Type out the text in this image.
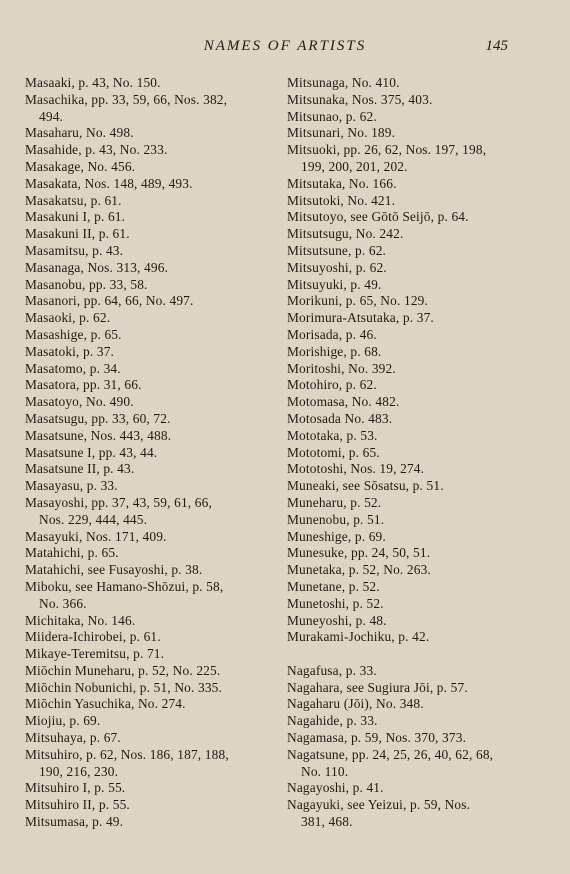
NAMES OF ARTISTS	145
Masaaki, p. 43, No. 150.
Masachika, pp. 33, 59, 66, Nos. 382,
494.
Masaharu, No. 498.
Masahide, p. 43, No. 233.
Masakage, No. 456.
Masakata, Nos. 148, 489, 493.
Masakatsu, p. 61.
Masakuni I, p. 61.
Masakuni II, p. 61.
Masamitsu, p. 43.
Masanaga, Nos. 313, 496.
Masanobu, pp. 33, 58.
Masanori, pp. 64, 66, No. 497.
Masaoki, p. 62.
Masashige, p. 65.
Masatoki, p. 37.
Masatomo, p. 34.
Masatora, pp. 31, 66.
Masatoyo, No. 490.
Masatsugu, pp. 33, 60, 72.
Masatsune, Nos. 443, 488.
Masatsune I, pp. 43, 44.
Masatsune II, p. 43.
Masayasu, p. 33.
Masayoshi, pp. 37, 43, 59, 61, 66,
Nos. 229, 444, 445.
Masayuki, Nos. 171, 409.
Matahichi, p. 65.
Matahichi, see Fusayoshi, p. 38.
Miboku, see Hamano-Shōzui, p. 58,
No. 366.
Michitaka, No. 146.
Miidera-Ichirobei, p. 61.
Mikaye-Teremitsu, p. 71.
Miōchin Muneharu, p. 52, No. 225.
Miōchin Nobunichi, p. 51, No. 335.
Miōchin Yasuchika, No. 274.
Miojiu, p. 69.
Mitsuhaya, p. 67.
Mitsuhiro, p. 62, Nos. 186, 187, 188,
190, 216, 230.
Mitsuhiro I, p. 55.
Mitsuhiro II, p. 55.
Mitsumasa, p. 49.
Mitsunaga, No. 410.
Mitsunaka, Nos. 375, 403.
Mitsunao, p. 62.
Mitsunari, No. 189.
Mitsuoki, pp. 26, 62, Nos. 197, 198,
199, 200, 201, 202.
Mitsutaka, No. 166.
Mitsutoki, No. 421.
Mitsutoyo, see Gōtō Seijō, p. 64.
Mitsutsugu, No. 242.
Mitsutsune, p. 62.
Mitsuyoshi, p. 62.
Mitsuyuki, p. 49.
Morikuni, p. 65, No. 129.
Morimura-Atsutaka, p. 37.
Morisada, p. 46.
Morishige, p. 68.
Moritoshi, No. 392.
Motohiro, p. 62.
Motomasa, No. 482.
Motosada No. 483.
Mototaka, p. 53.
Mototomi, p. 65.
Mototoshi, Nos. 19, 274.
Muneaki, see Sōsatsu, p. 51.
Muneharu, p. 52.
Munenobu, p. 51.
Muneshige, p. 69.
Munesuke, pp. 24, 50, 51.
Munetaka, p. 52, No. 263.
Munetane, p. 52.
Munetoshi, p. 52.
Muneyoshi, p. 48.
Murakami-Jochiku, p. 42.
Nagafusa, p. 33.
Nagahara, see Sugiura Jōi, p. 57.
Nagaharu (Jōi), No. 348.
Nagahide, p. 33.
Nagamasa, p. 59, Nos. 370, 373.
Nagatsune, pp. 24, 25, 26, 40, 62, 68,
No. 110.
Nagayoshi, p. 41.
Nagayuki, see Yeizui, p. 59, Nos.
381, 468.
